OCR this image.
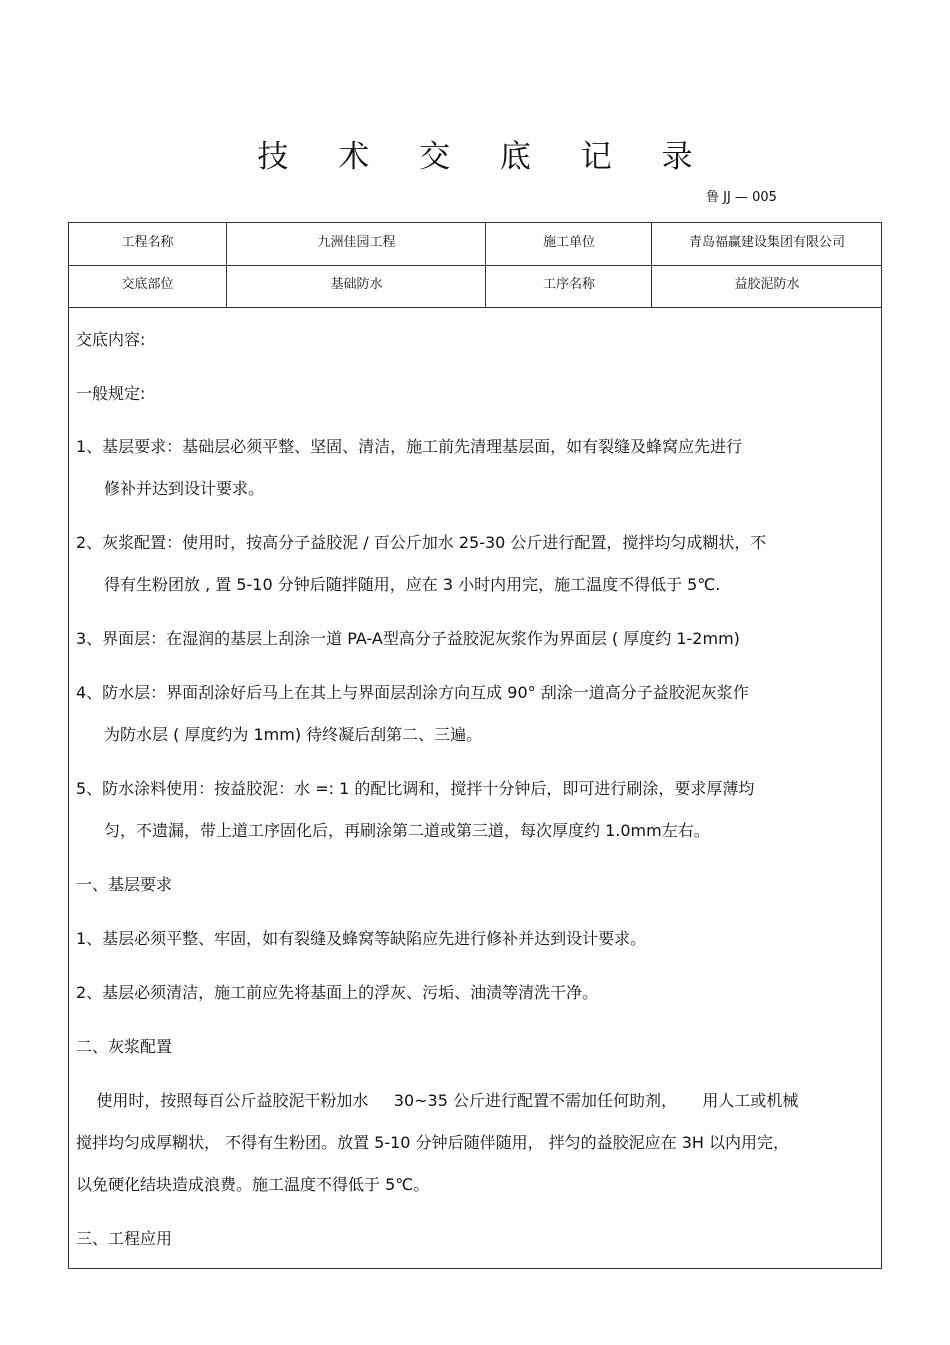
技 术 交 底 记 录
鲁 JJ — 005
工程名称	九洲佳园工程	施工单位	青岛福赢建设集团有限公司
交底部位	基础防水	工序名称	益胶泥防水
交底内容:
一般规定:
1、基层要求：基础层必须平整、坚固、清洁，施工前先清理基层面，如有裂缝及蜂窝应先进行
修补并达到设计要求。
2、灰浆配置：使用时，按高分子益胶泥 / 百公斤加水 25-30 公斤进行配置，搅拌均匀成糊状，不
得有生粉团放 , 置 5-10 分钟后随拌随用，应在 3 小时内用完，施工温度不得低于 5℃.
3、界面层：在湿润的基层上刮涂一道 PA-A型高分子益胶泥灰浆作为界面层 ( 厚度约 1-2mm)
4、防水层：界面刮涂好后马上在其上与界面层刮涂方向互成 90° 刮涂一道高分子益胶泥灰浆作
为防水层 ( 厚度约为 1mm) 待终凝后刮第二、三遍。
5、防水涂料使用：按益胶泥：水 =: 1 的配比调和，搅拌十分钟后，即可进行刷涂，要求厚薄均
匀，不遗漏，带上道工序固化后，再刷涂第二道或第三道，每次厚度约 1.0mm左右。
一、基层要求
1、基层必须平整、牢固，如有裂缝及蜂窝等缺陷应先进行修补并达到设计要求。
2、基层必须清洁，施工前应先将基面上的浮灰、污垢、油渍等清洗干净。
二、灰浆配置
使用时，按照每百公斤益胶泥干粉加水     30~35 公斤进行配置不需加任何助剂，     用人工或机械
搅拌均匀成厚糊状， 不得有生粉团。放置 5-10 分钟后随伴随用， 拌匀的益胶泥应在 3H 以内用完，
以免硬化结块造成浪费。施工温度不得低于 5℃。
三、工程应用
